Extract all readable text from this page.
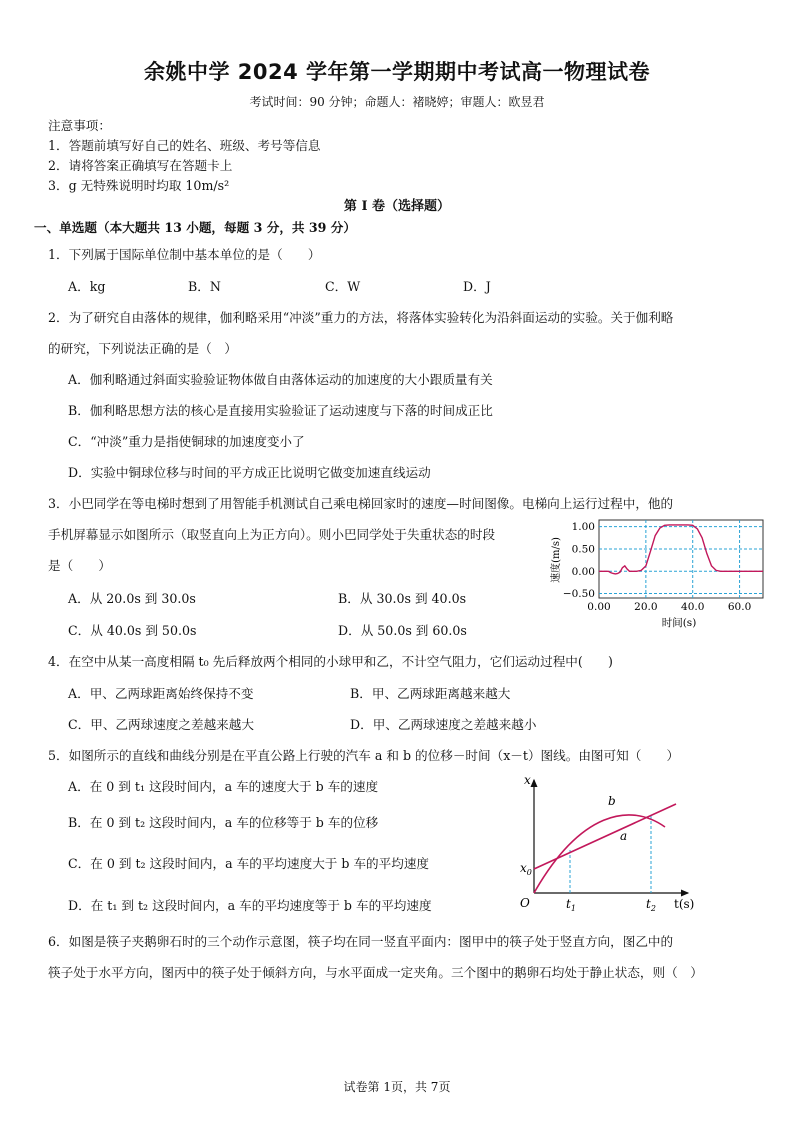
余姚中学 2024 学年第一学期期中考试高一物理试卷
考试时间：90 分钟；命题人：褚晓婷；审题人：欧昱君
注意事项：
1．答题前填写好自己的姓名、班级、考号等信息
2．请将答案正确填写在答题卡上
3．g 无特殊说明时均取 10m/s²
第 I 卷（选择题）
一、单选题（本大题共 13 小题，每题 3 分，共 39 分）
1．下列属于国际单位制中基本单位的是（　　）
A．kg	B．N	C．W	D．J
2．为了研究自由落体的规律，伽利略采用“冲淡”重力的方法，将落体实验转化为沿斜面运动的实验。关于伽利略
的研究，下列说法正确的是（　）
A．伽利略通过斜面实验验证物体做自由落体运动的加速度的大小跟质量有关
B．伽利略思想方法的核心是直接用实验验证了运动速度与下落的时间成正比
C．“冲淡”重力是指使铜球的加速度变小了
D．实验中铜球位移与时间的平方成正比说明它做变加速直线运动
3．小巴同学在等电梯时想到了用智能手机测试自己乘电梯回家时的速度—时间图像。电梯向上运行过程中，他的
手机屏幕显示如图所示（取竖直向上为正方向）。则小巴同学处于失重状态的时段
是（　　）
A．从 20.0s 到 30.0s	B．从 30.0s 到 40.0s
C．从 40.0s 到 50.0s	D．从 50.0s 到 60.0s
0.00 20.0 40.0 60.0
1.00
0.50
0.00
−0.50
速度(m/s)
时间(s)
4．在空中从某一高度相隔 t₀ 先后释放两个相同的小球甲和乙，不计空气阻力，它们运动过程中(　　)
A．甲、乙两球距离始终保持不变	B．甲、乙两球距离越来越大
C．甲、乙两球速度之差越来越大	D．甲、乙两球速度之差越来越小
5．如图所示的直线和曲线分别是在平直公路上行驶的汽车 a 和 b 的位移－时间（x－t）图线。由图可知（　　）
A．在 0 到 t₁ 这段时间内，a 车的速度大于 b 车的速度
B．在 0 到 t₂ 这段时间内，a 车的位移等于 b 车的位移
C．在 0 到 t₂ 这段时间内，a 车的平均速度大于 b 车的平均速度
D．在 t₁ 到 t₂ 这段时间内，a 车的平均速度等于 b 车的平均速度
x
$x_0$
O	$t_1$	$t_2$ t(s)
a
b
6．如图是筷子夹鹅卵石时的三个动作示意图，筷子均在同一竖直平面内：图甲中的筷子处于竖直方向，图乙中的
筷子处于水平方向，图丙中的筷子处于倾斜方向，与水平面成一定夹角。三个图中的鹅卵石均处于静止状态，则（　）
试卷第 1页，共 7页
